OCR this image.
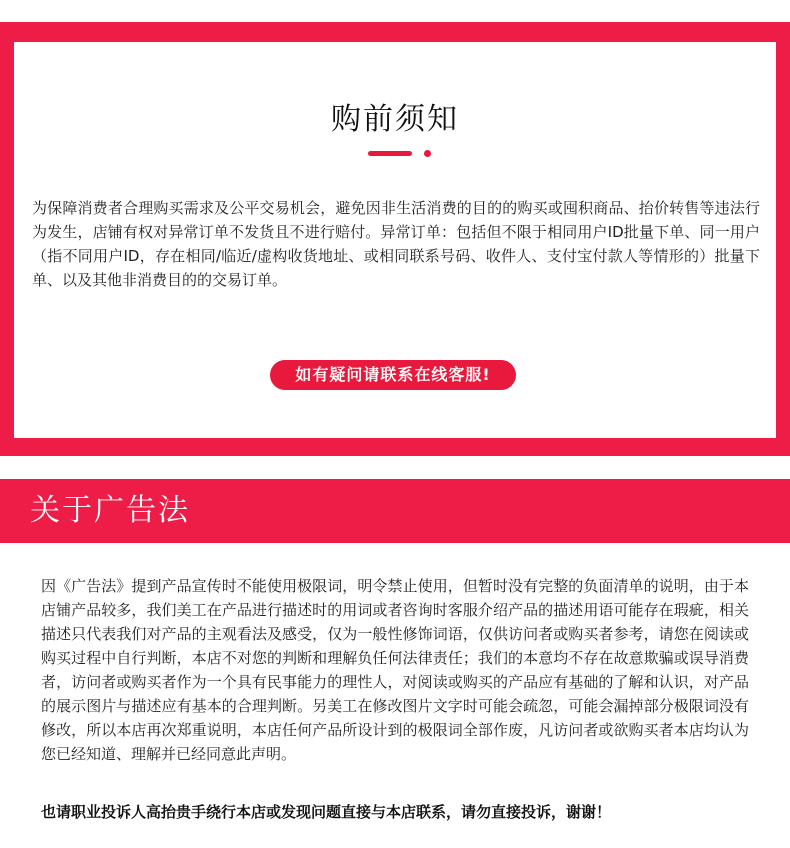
购前须知

为保障消费者合理购买需求及公平交易机会，避免因非生活消费的目的的购买或囤积商品、抬价转售等违法行为发生，店铺有权对异常订单不发货且不进行赔付。异常订单：包括但不限于相同用户ID批量下单、同一用户（指不同用户ID，存在相同/临近/虚构收货地址、或相同联系号码、收件人、支付宝付款人等情形的）批量下单、以及其他非消费目的的交易订单。

如有疑问请联系在线客服!
关于广告法

因《广告法》提到产品宣传时不能使用极限词，明令禁止使用，但暂时没有完整的负面清单的说明，由于本店铺产品较多，我们美工在产品进行描述时的用词或者咨询时客服介绍产品的描述用语可能存在瑕疵，相关描述只代表我们对产品的主观看法及感受，仅为一般性修饰词语，仅供访问者或购买者参考，请您在阅读或购买过程中自行判断，本店不对您的判断和理解负任何法律责任；我们的本意均不存在故意欺骗或误导消费者，访问者或购买者作为一个具有民事能力的理性人，对阅读或购买的产品应有基础的了解和认识，对产品的展示图片与描述应有基本的合理判断。另美工在修改图片文字时可能会疏忽，可能会漏掉部分极限词没有修改，所以本店再次郑重说明，本店任何产品所设计到的极限词全部作废，凡访问者或欲购买者本店均认为您已经知道、理解并已经同意此声明。

也请职业投诉人高抬贵手绕行本店或发现问题直接与本店联系，请勿直接投诉，谢谢！
